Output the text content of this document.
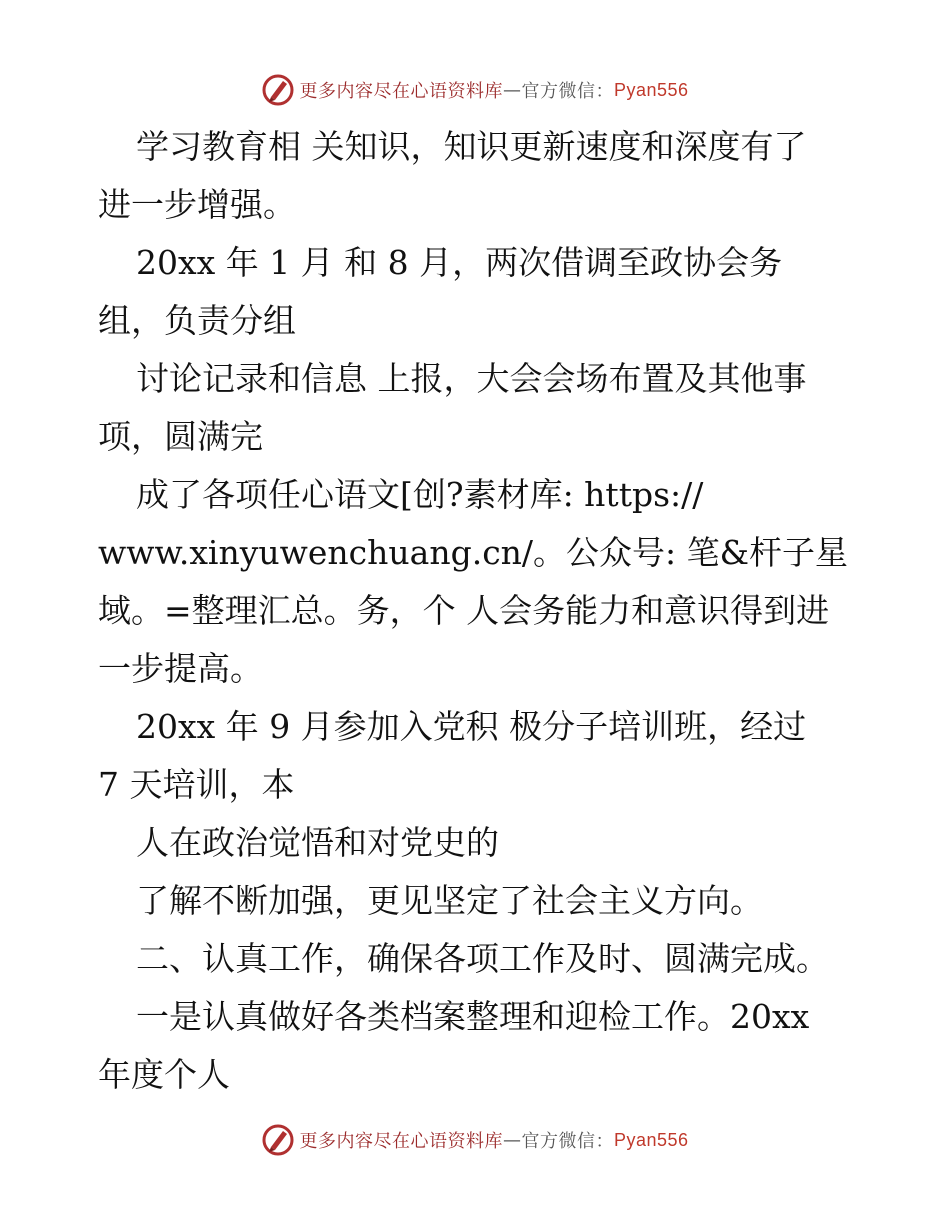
更多内容尽在心语资料库 — 官方微信： Pyan556
学习教育相 关知识，知识更新速度和深度有了
进一步增强。
20xx 年 1 月 和 8 月，两次借调至政协会务
组，负责分组
讨论记录和信息 上报，大会会场布置及其他事
项，圆满完
成了各项任心语文[创?素材库: https://
www.xinyuwenchuang.cn/。公众号: 笔&杆子星
域。=整理汇总。务，个 人会务能力和意识得到进
一步提高。
20xx 年 9 月参加入党积 极分子培训班，经过
7 天培训，本
人在政治觉悟和对党史的
了解不断加强，更见坚定了社会主义方向。
二、认真工作，确保各项工作及时、圆满完成。
一是认真做好各类档案整理和迎检工作。20xx
年度个人
更多内容尽在心语资料库 — 官方微信： Pyan556
